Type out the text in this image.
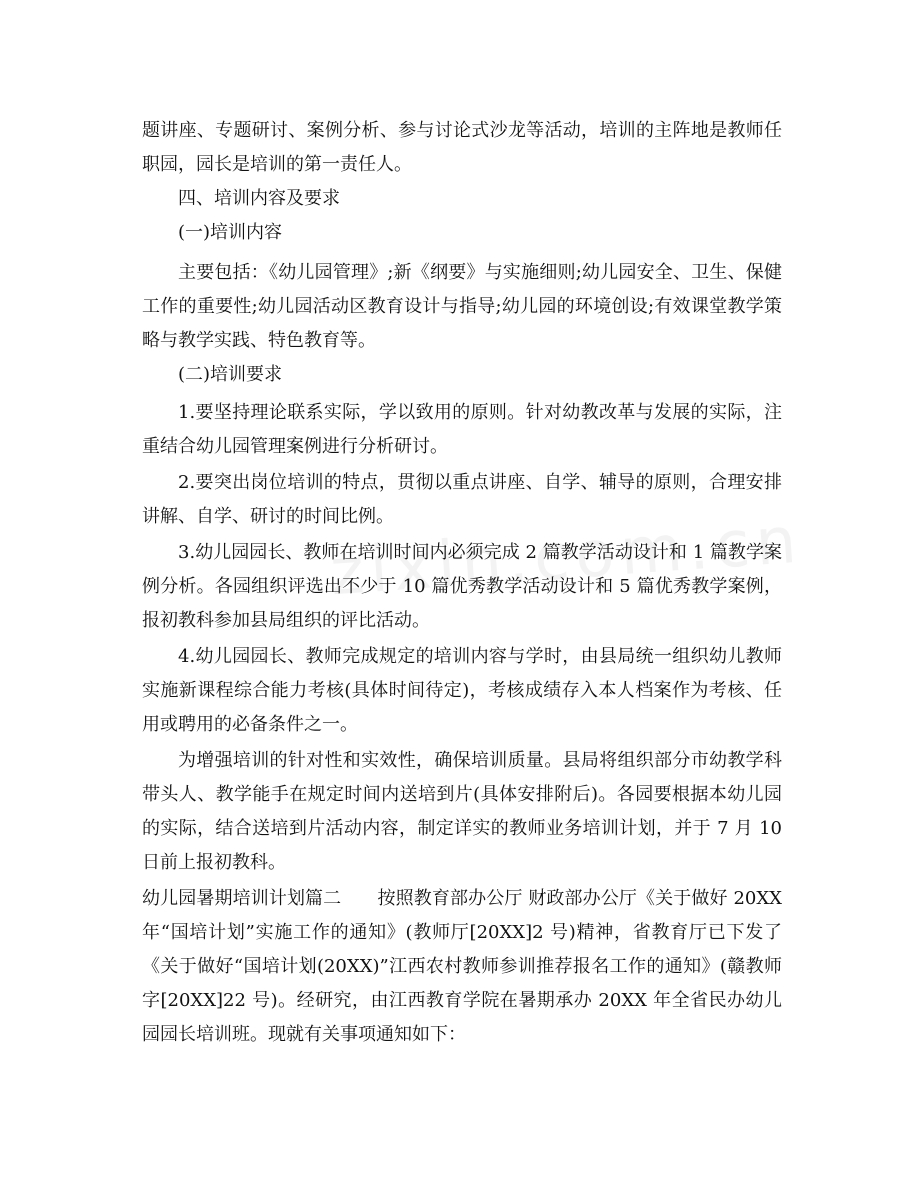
题讲座、专题研讨、案例分析、参与讨论式沙龙等活动，培训的主阵地是教师任职园，园长是培训的第一责任人。
四、培训内容及要求
(一)培训内容
主要包括：《幼儿园管理》;新《纲要》与实施细则;幼儿园安全、卫生、保健工作的重要性;幼儿园活动区教育设计与指导;幼儿园的环境创设;有效课堂教学策略与教学实践、特色教育等。
(二)培训要求
1.要坚持理论联系实际，学以致用的原则。针对幼教改革与发展的实际，注重结合幼儿园管理案例进行分析研讨。
2.要突出岗位培训的特点，贯彻以重点讲座、自学、辅导的原则，合理安排讲解、自学、研讨的时间比例。
3.幼儿园园长、教师在培训时间内必须完成 2 篇教学活动设计和 1 篇教学案例分析。各园组织评选出不少于 10 篇优秀教学活动设计和 5 篇优秀教学案例，报初教科参加县局组织的评比活动。
4.幼儿园园长、教师完成规定的培训内容与学时，由县局统一组织幼儿教师实施新课程综合能力考核(具体时间待定)，考核成绩存入本人档案作为考核、任用或聘用的必备条件之一。
为增强培训的针对性和实效性，确保培训质量。县局将组织部分市幼教学科带头人、教学能手在规定时间内送培到片(具体安排附后)。各园要根据本幼儿园的实际，结合送培到片活动内容，制定详实的教师业务培训计划，并于 7 月 10 日前上报初教科。
幼儿园暑期培训计划篇二　　按照教育部办公厅 财政部办公厅《关于做好 20XX 年“国培计划”实施工作的通知》(教师厅[20XX]2 号)精神，省教育厅已下发了《关于做好“国培计划(20XX)”江西农村教师参训推荐报名工作的通知》(赣教师字[20XX]22 号)。经研究，由江西教育学院在暑期承办 20XX 年全省民办幼儿园园长培训班。现就有关事项通知如下：
